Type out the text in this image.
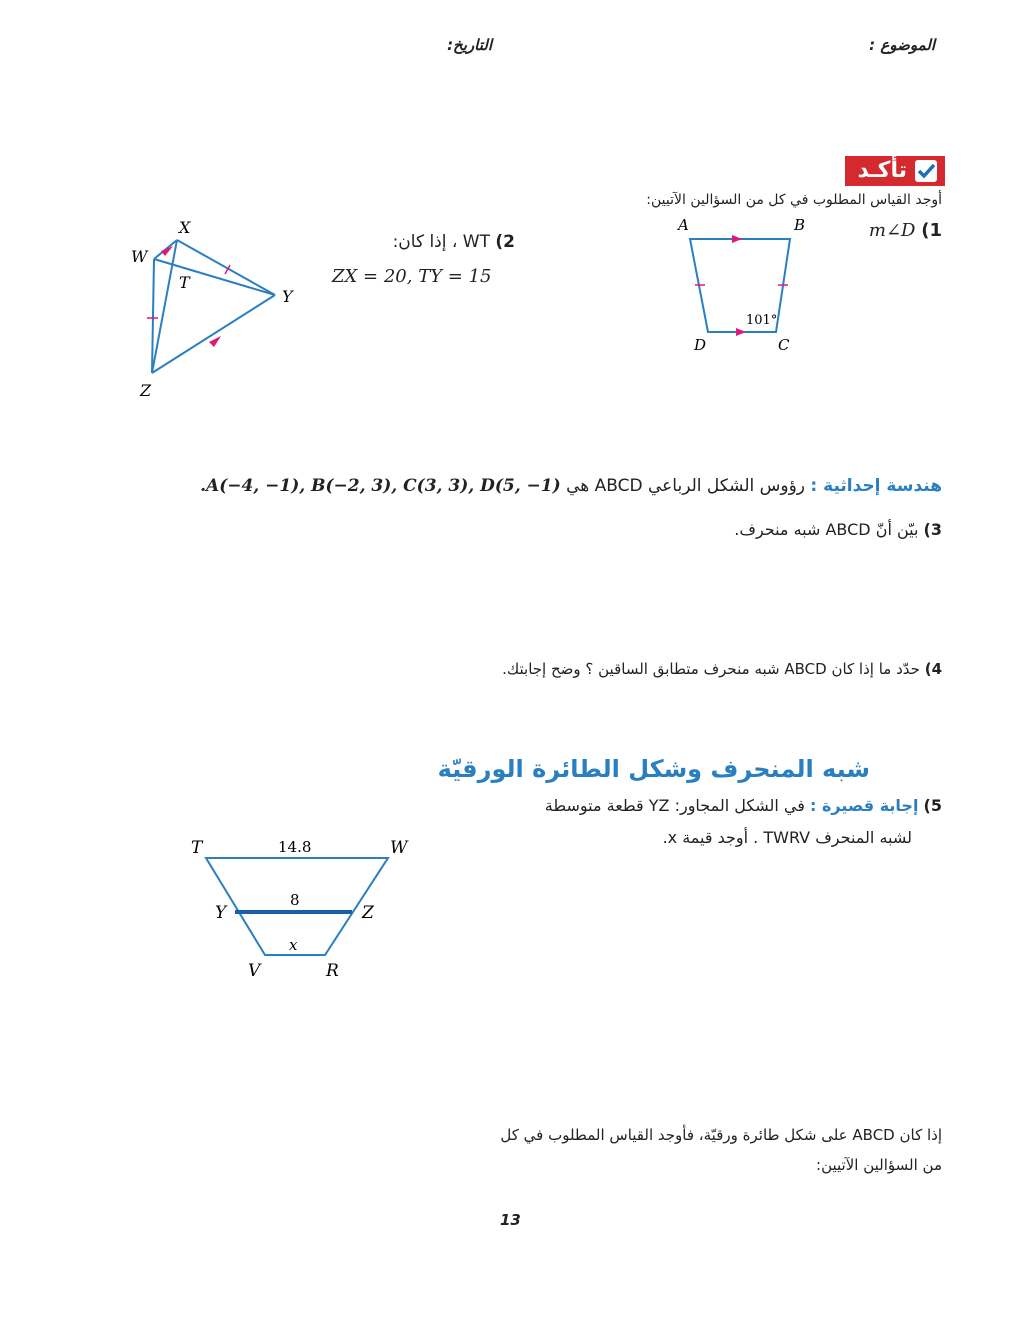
الموضوع :
التاريخ:
تأكـد
أوجد القياس المطلوب في كل من السؤالين الآتيين:
1) m∠D
A	B
C
D
101°
2) WT ، إذا كان:
ZX = 20, TY = 15
X
W
T
Y
Z
هندسة إحداثية : رؤوس الشكل الرباعي ABCD هي A(−4, −1), B(−2, 3), C(3, 3), D(5, −1).
3) بيّن أنّ ABCD شبه منحرف.
4) حدّد ما إذا كان ABCD شبه منحرف متطابق الساقين ؟ وضح إجابتك.
شبه المنحرف وشكل الطائرة الورقيّة
5) إجابة قصيرة : في الشكل المجاور: YZ قطعة متوسطة
لشبه المنحرف TWRV . أوجد قيمة x.
T	W
Y	Z
V	R
14.8
8
x
إذا كان ABCD على شكل طائرة ورقيّة، فأوجد القياس المطلوب في كل
من السؤالين الآتيين:
13
